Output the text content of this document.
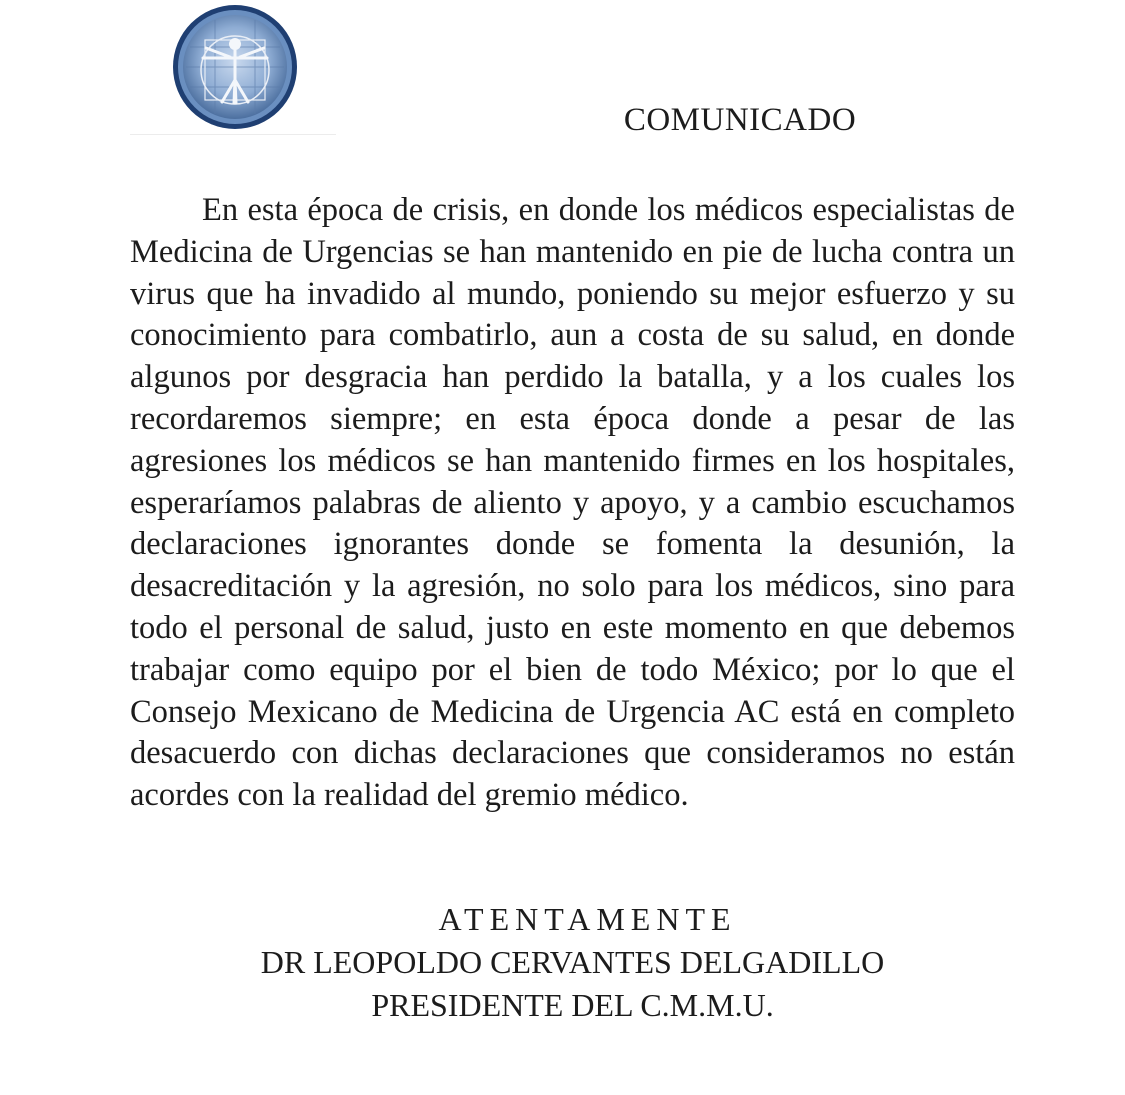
COMUNICADO

En esta época de crisis, en donde los médicos especialistas de Medicina de Urgencias se han mantenido en pie de lucha contra un virus que ha invadido al mundo, poniendo su mejor esfuerzo y su conocimiento para combatirlo, aun a costa de su salud, en donde algunos por desgracia han perdido la batalla, y a los cuales los recordaremos siempre; en esta época donde a pesar de las agresiones los médicos se han mantenido firmes en los hospitales, esperaríamos palabras de aliento y apoyo, y a cambio escuchamos declaraciones ignorantes donde se fomenta la desunión, la desacreditación y la agresión, no solo para los médicos, sino para todo el personal de salud, justo en este momento en que debemos trabajar como equipo por el bien de todo México; por lo que el Consejo Mexicano de Medicina de Urgencia AC está en completo desacuerdo con dichas declaraciones que consideramos no están acordes con la realidad del gremio médico.

ATENTAMENTE

DR LEOPOLDO CERVANTES DELGADILLO

PRESIDENTE DEL C.M.M.U.
